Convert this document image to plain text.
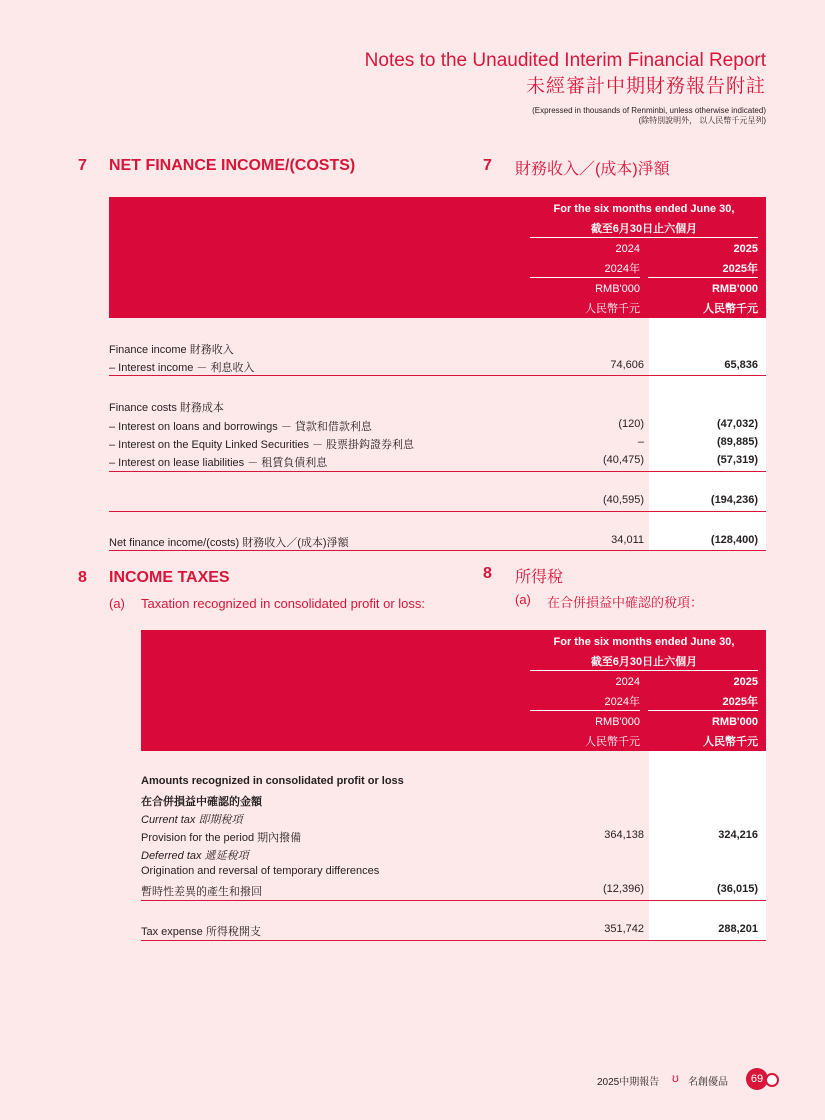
Notes to the Unaudited Interim Financial Report
未經審計中期財務報告附註
(Expressed in thousands of Renminbi, unless otherwise indicated)
(除特別說明外， 以人民幣千元呈列)
7 NET FINANCE INCOME/(COSTS)	7 財務收入／(成本)淨額
For the six months ended June 30,
截至6月30日止六個月
2024
2024年
2025
2025年
RMB'000
人民幣千元
RMB'000
人民幣千元
Finance income 財務收入
– Interest income － 利息收入	74,606	65,836
Finance costs 財務成本
– Interest on loans and borrowings － 貸款和借款利息	(120)	(47,032)
– Interest on the Equity Linked Securities － 股票掛鈎證券利息	–	(89,885)
– Interest on lease liabilities － 租賃負債利息	(40,475)	(57,319)
(40,595)	(194,236)
Net finance income/(costs) 財務收入／(成本)淨額	34,011	(128,400)
8 INCOME TAXES	8 所得稅
(a) Taxation recognized in consolidated profit or loss:	(a) 在合併損益中確認的稅項：
For the six months ended June 30,
截至6月30日止六個月
2024
2024年
2025
2025年
RMB'000
人民幣千元
RMB'000
人民幣千元
Amounts recognized in consolidated profit or loss
在合併損益中確認的金額
Current tax 即期稅項
Provision for the period 期內撥備	364,138	324,216
Deferred tax 遞延稅項
Origination and reversal of temporary differences
暫時性差異的產生和撥回	(12,396)	(36,015)
Tax expense 所得稅開支	351,742	288,201
2025中期報告 ʊ 名創優品	69
